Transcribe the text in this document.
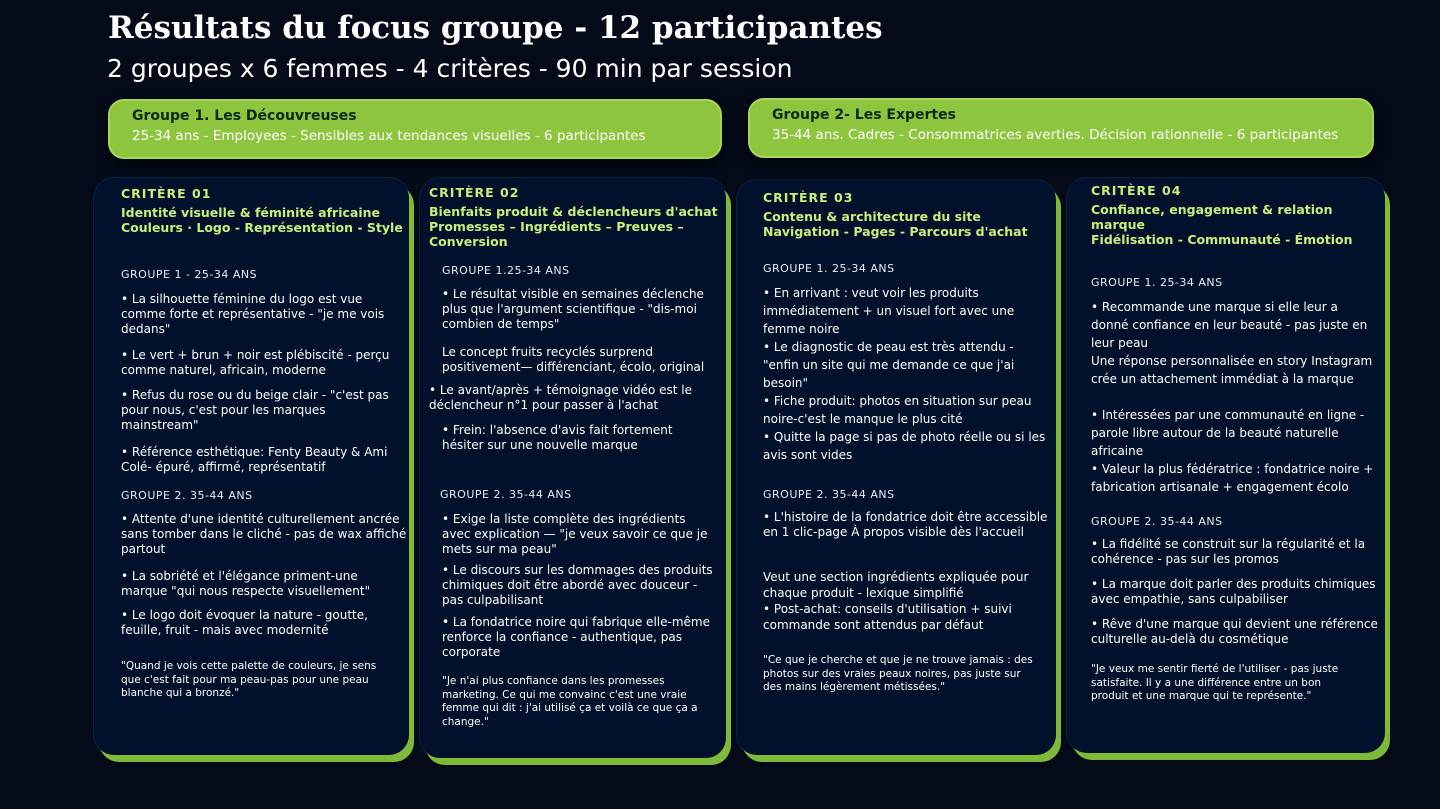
Résultats du focus groupe - 12 participantes
2 groupes x 6 femmes - 4 critères - 90 min par session
Groupe 1. Les Découvreuses
25-34 ans - Employees - Sensibles aux tendances visuelles - 6 participantes
Groupe 2- Les Expertes
35-44 ans. Cadres - Consommatrices averties. Décision rationnelle - 6 participantes
CRITÈRE 01
Identité visuelle & féminité africaine
Couleurs · Logo - Représentation - Style
GROUPE 1 - 25-34 ANS
• La silhouette féminine du logo est vue comme forte et représentative - "je me vois dedans"
• Le vert + brun + noir est plébiscité - perçu comme naturel, africain, moderne
• Refus du rose ou du beige clair - "c'est pas pour nous, c'est pour les marques mainstream"
• Référence esthétique: Fenty Beauty & Ami Colé- épuré, affirmé, représentatif
GROUPE 2. 35-44 ANS
• Attente d'une identité culturellement ancrée sans tomber dans le cliché - pas de wax affiché partout
• La sobriété et l'élégance priment-une marque "qui nous respecte visuellement"
• Le logo doit évoquer la nature - goutte, feuille, fruit - mais avec modernité
"Quand je vois cette palette de couleurs, je sens que c'est fait pour ma peau-pas pour une peau blanche qui a bronzé."
CRITÈRE 02
Bienfaits produit & déclencheurs d'achat
Promesses – Ingrédients – Preuves –
Conversion
GROUPE 1.25-34 ANS
• Le résultat visible en semaines déclenche plus que l'argument scientifique - "dis-moi combien de temps"
Le concept fruits recyclés surprend positivement— différenciant, écolo, original
• Le avant/après + témoignage vidéo est le déclencheur n°1 pour passer à l'achat
• Frein: l'absence d'avis fait fortement hésiter sur une nouvelle marque
GROUPE 2. 35-44 ANS
• Exige la liste complète des ingrédients avec explication — "je veux savoir ce que je mets sur ma peau"
• Le discours sur les dommages des produits chimiques doit être abordé avec douceur - pas culpabilisant
• La fondatrice noire qui fabrique elle-même renforce la confiance - authentique, pas corporate
"Je n'ai plus confiance dans les promesses marketing. Ce qui me convainc c'est une vraie femme qui dit : j'ai utilisé ça et voilà ce que ça a change."
CRITÈRE 03
Contenu & architecture du site
Navigation - Pages - Parcours d'achat
GROUPE 1. 25-34 ANS
• En arrivant : veut voir les produits immédiatement + un visuel fort avec une femme noire
• Le diagnostic de peau est très attendu - "enfin un site qui me demande ce que j'ai besoin"
• Fiche produit: photos en situation sur peau noire-c'est le manque le plus cité
• Quitte la page si pas de photo réelle ou si les avis sont vides
GROUPE 2. 35-44 ANS
• L'histoire de la fondatrice doit être accessible en 1 clic-page À propos visible dès l'accueil
Veut une section ingrédients expliquée pour chaque produit - lexique simplifié
• Post-achat: conseils d'utilisation + suivi commande sont attendus par défaut
"Ce que je cherche et que je ne trouve jamais : des photos sur des vraies peaux noires, pas juste sur des mains légèrement métissées."
CRITÈRE 04
Confiance, engagement & relation
marque
Fidélisation - Communauté - Émotion
GROUPE 1. 25-34 ANS
• Recommande une marque si elle leur a donné confiance en leur beauté - pas juste en leur peau
Une réponse personnalisée en story Instagram crée un attachement immédiat à la marque
• Intéressées par une communauté en ligne - parole libre autour de la beauté naturelle africaine
• Valeur la plus fédératrice : fondatrice noire + fabrication artisanale + engagement écolo
GROUPE 2. 35-44 ANS
• La fidélité se construit sur la régularité et la cohérence - pas sur les promos
• La marque doit parler des produits chimiques avec empathie, sans culpabiliser
• Rêve d'une marque qui devient une référence culturelle au-delà du cosmétique
"Je veux me sentir fierté de l'utiliser - pas juste satisfaite. Il y a une différence entre un bon produit et une marque qui te représente."
